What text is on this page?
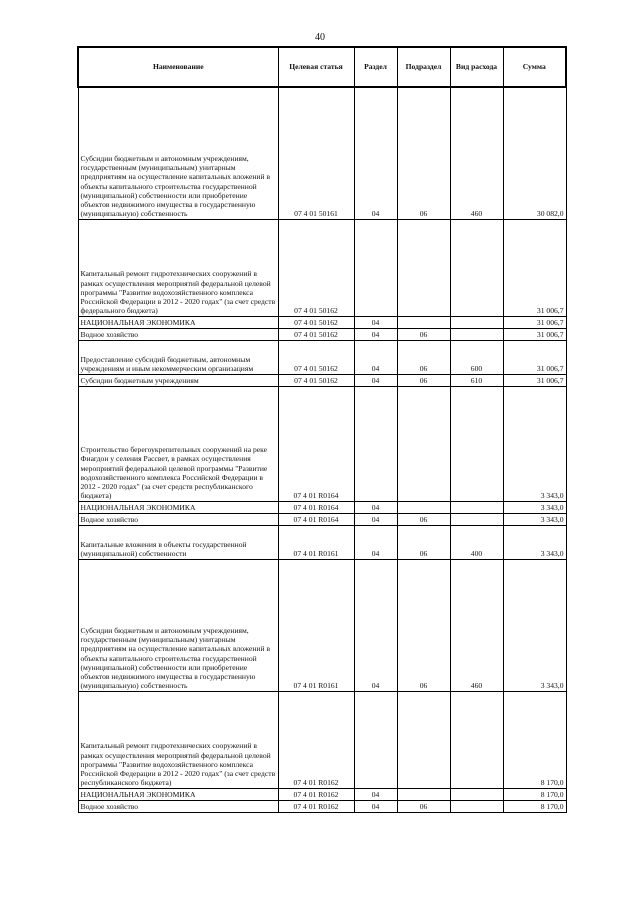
40
Наименование	Целевая статья	Раздел	Подраздел	Вид расхода	Сумма
Субсидии бюджетным и автономным учреждениям, государственным (муниципальным) унитарным предприятиям на осуществление капитальных вложений в объекты капитального строительства государственной (муниципальной) собственности или приобретение объектов недвижимого имущества в государственную (муниципальную) собственность	07 4 01 50161	04	06	460	30 082,0
Капитальный ремонт гидротехнических сооружений в рамках осуществления мероприятий федеральной целевой программы "Развитие водохозяйственного комплекса Российской Федерации в 2012 - 2020 годах" (за счет средств федерального бюджета)	07 4 01 50162				31 006,7
НАЦИОНАЛЬНАЯ ЭКОНОМИКА	07 4 01 50162	04			31 006,7
Водное хозяйство	07 4 01 50162	04	06		31 006,7
Предоставление субсидий бюджетным, автономным учреждениям и иным некоммерческим организациям	07 4 01 50162	04	06	600	31 006,7
Субсидии бюджетным учреждениям	07 4 01 50162	04	06	610	31 006,7
Строительство берегоукрепительных сооружений на реке Фиагдон у селения Рассвет, в рамках осуществления мероприятий федеральной целевой программы "Развитие водохозяйственного комплекса Российской Федерации в 2012 - 2020 годах" (за счет средств республиканского бюджета)	07 4 01 R0164				3 343,0
НАЦИОНАЛЬНАЯ ЭКОНОМИКА	07 4 01 R0164	04			3 343,0
Водное хозяйство	07 4 01 R0164	04	06		3 343,0
Капитальные вложения в объекты государственной (муниципальной) собственности	07 4 01 R0161	04	06	400	3 343,0
Субсидии бюджетным и автономным учреждениям, государственным (муниципальным) унитарным предприятиям на осуществление капитальных вложений в объекты капитального строительства государственной (муниципальной) собственности или приобретение объектов недвижимого имущества в государственную (муниципальную) собственность	07 4 01 R0161	04	06	460	3 343,0
Капитальный ремонт гидротехнических сооружений в рамках осуществления мероприятий федеральной целевой программы "Развитие водохозяйственного комплекса Российской Федерации в 2012 - 2020 годах" (за счет средств республиканского бюджета)	07 4 01 R0162				8 170,0
НАЦИОНАЛЬНАЯ ЭКОНОМИКА	07 4 01 R0162	04			8 170,0
Водное хозяйство	07 4 01 R0162	04	06		8 170,0
